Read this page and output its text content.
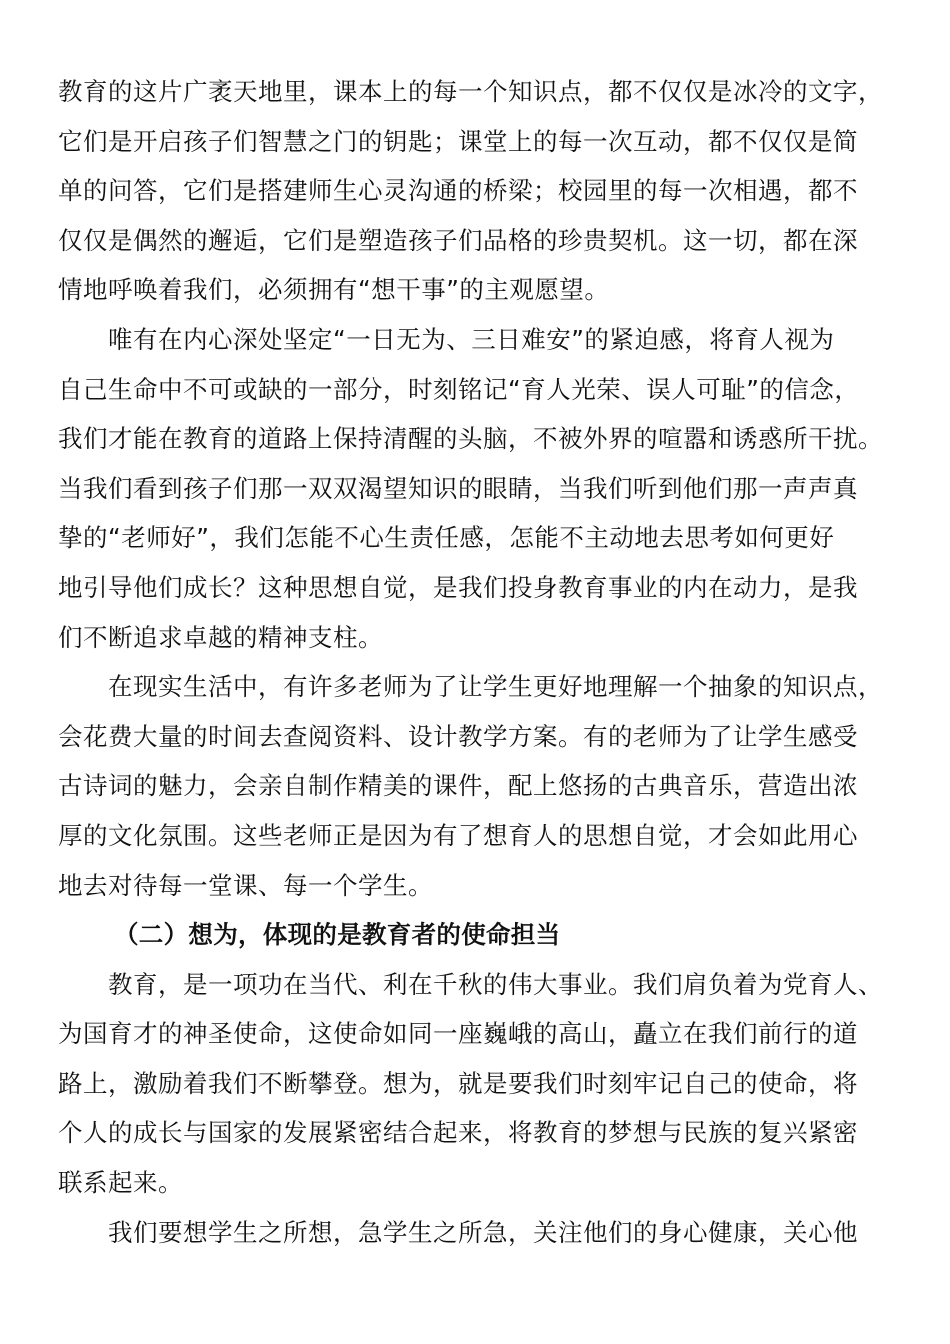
教育的这片广袤天地里，课本上的每一个知识点，都不仅仅是冰冷的文字，
它们是开启孩子们智慧之门的钥匙；课堂上的每一次互动，都不仅仅是简
单的问答，它们是搭建师生心灵沟通的桥梁；校园里的每一次相遇，都不
仅仅是偶然的邂逅，它们是塑造孩子们品格的珍贵契机。这一切，都在深
情地呼唤着我们，必须拥有“想干事”的主观愿望。

唯有在内心深处坚定“一日无为、三日难安”的紧迫感，将育人视为
自己生命中不可或缺的一部分，时刻铭记“育人光荣、误人可耻”的信念，
我们才能在教育的道路上保持清醒的头脑，不被外界的喧嚣和诱惑所干扰。
当我们看到孩子们那一双双渴望知识的眼睛，当我们听到他们那一声声真
挚的“老师好”，我们怎能不心生责任感，怎能不主动地去思考如何更好
地引导他们成长？这种思想自觉，是我们投身教育事业的内在动力，是我
们不断追求卓越的精神支柱。

在现实生活中，有许多老师为了让学生更好地理解一个抽象的知识点，
会花费大量的时间去查阅资料、设计教学方案。有的老师为了让学生感受
古诗词的魅力，会亲自制作精美的课件，配上悠扬的古典音乐，营造出浓
厚的文化氛围。这些老师正是因为有了想育人的思想自觉，才会如此用心
地去对待每一堂课、每一个学生。

（二）想为，体现的是教育者的使命担当

教育，是一项功在当代、利在千秋的伟大事业。我们肩负着为党育人、
为国育才的神圣使命，这使命如同一座巍峨的高山，矗立在我们前行的道
路上，激励着我们不断攀登。想为，就是要我们时刻牢记自己的使命，将
个人的成长与国家的发展紧密结合起来，将教育的梦想与民族的复兴紧密
联系起来。

我们要想学生之所想，急学生之所急，关注他们的身心健康，关心他
